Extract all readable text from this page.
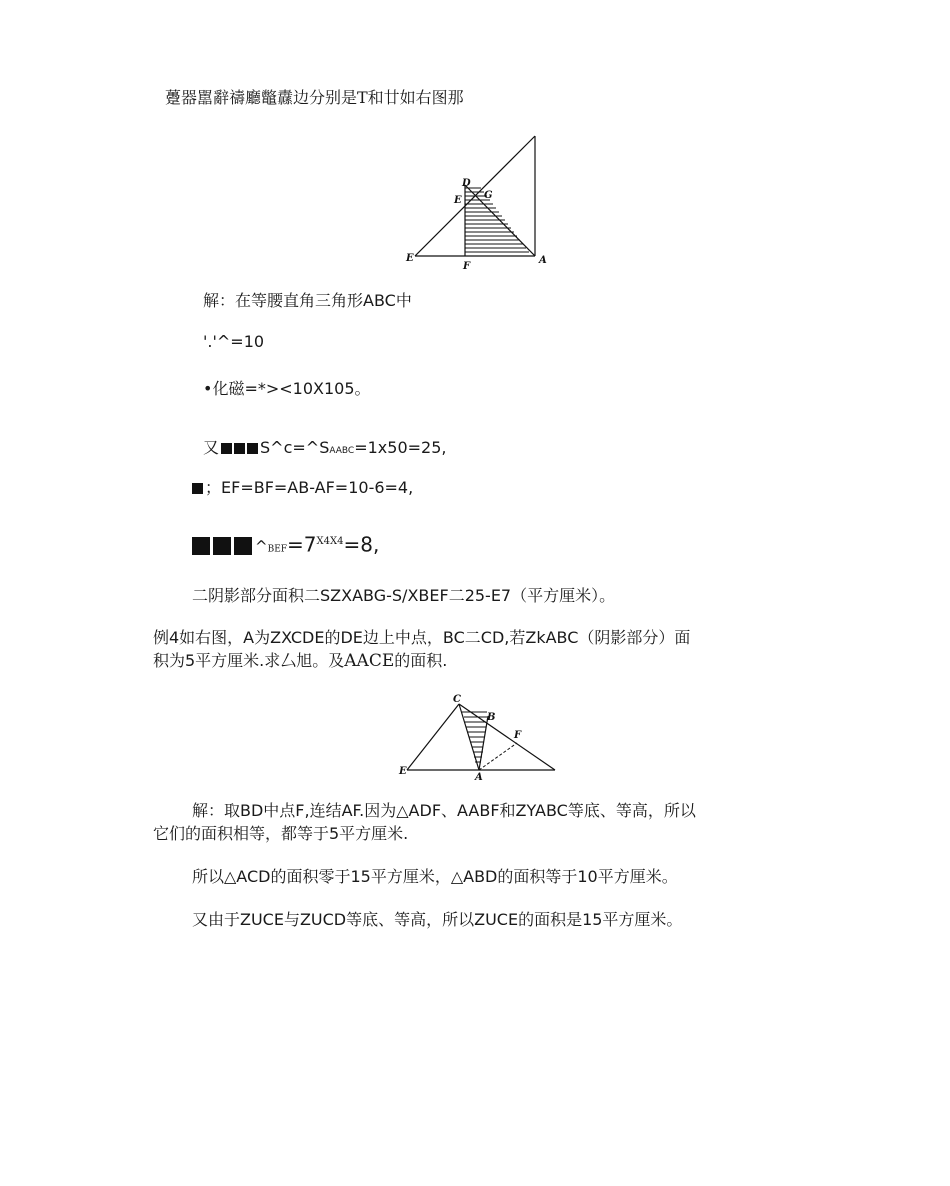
躉器嚚辭禱廳鼈纛边分别是T和廿如右图那
D
E G
E
F
A
解：在等腰直角三角形ABC中
'.'^=10
•化磁=*><10X105。
又	S^c=^SAABC=1x50=25,
；EF=BF=AB-AF=10-6=4,
$\^{}BEF=7^{X4X4}=8$,
二阴影部分面积二SZXABG-S/XBEF二25-E7（平方厘米）。
例4如右图，A为ZXCDE的DE边上中点，BC二CD,若ZkABC（阴影部分）面
积为5平方厘米.求厶旭。及AACE的面积.
C
B
F
E
A
解：取BD中点F,连结AF.因为△ADF、AABF和ZYABC等底、等高，所以
它们的面积相等，都等于5平方厘米.
所以△ACD的面积零于15平方厘米，△ABD的面积等于10平方厘米。
又由于ZUCE与ZUCD等底、等高，所以ZUCE的面积是15平方厘米。
